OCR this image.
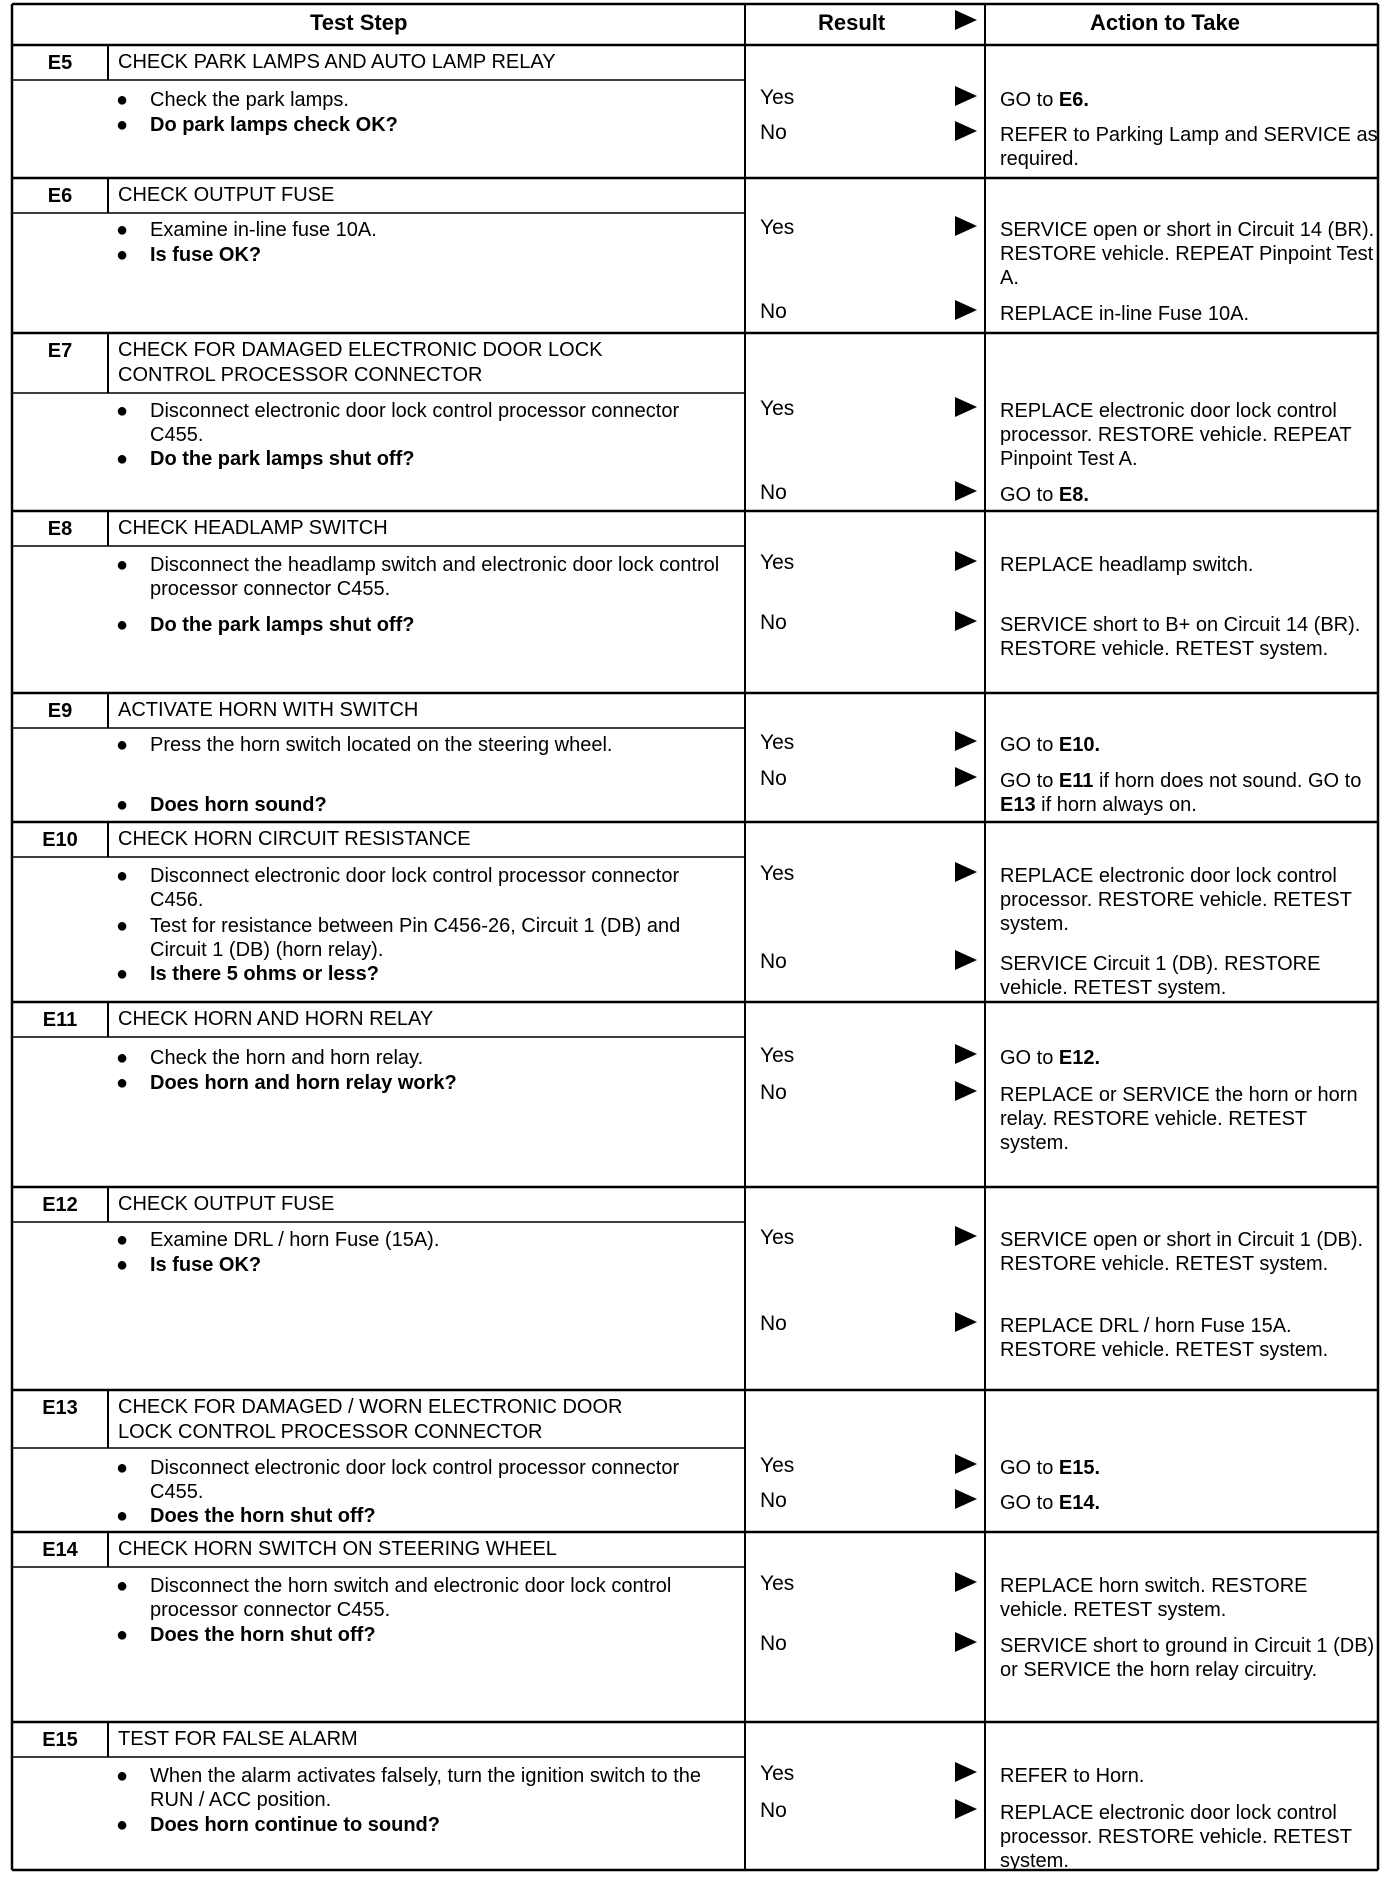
Test Step	Result	Action to Take
E5	CHECK PARK LAMPS AND AUTO LAMP RELAY
● Check the park lamps.
● Do park lamps check OK?
Yes	GO to E6.
No	REFER to Parking Lamp and SERVICE as required.
E6	CHECK OUTPUT FUSE
● Examine in-line fuse 10A.
● Is fuse OK?
Yes	SERVICE open or short in Circuit 14 (BR). RESTORE vehicle. REPEAT Pinpoint Test A.
No	REPLACE in-line Fuse 10A.
E7	CHECK FOR DAMAGED ELECTRONIC DOOR LOCK
CONTROL PROCESSOR CONNECTOR
● Disconnect electronic door lock control processor connector C455.
● Do the park lamps shut off?
Yes	REPLACE electronic door lock control processor. RESTORE vehicle. REPEAT Pinpoint Test A.
No	GO to E8.
E8	CHECK HEADLAMP SWITCH
● Disconnect the headlamp switch and electronic door lock control processor connector C455.
● Do the park lamps shut off?
Yes	REPLACE headlamp switch.
No	SERVICE short to B+ on Circuit 14 (BR). RESTORE vehicle. RETEST system.
E9	ACTIVATE HORN WITH SWITCH
● Press the horn switch located on the steering wheel.
● Does horn sound?
Yes	GO to E10.
No	GO to E11 if horn does not sound. GO to E13 if horn always on.
E10	CHECK HORN CIRCUIT RESISTANCE
● Disconnect electronic door lock control processor connector C456.
● Test for resistance between Pin C456-26, Circuit 1 (DB) and Circuit 1 (DB) (horn relay).
● Is there 5 ohms or less?
Yes	REPLACE electronic door lock control processor. RESTORE vehicle. RETEST system.
No	SERVICE Circuit 1 (DB). RESTORE vehicle. RETEST system.
E11	CHECK HORN AND HORN RELAY
● Check the horn and horn relay.
● Does horn and horn relay work?
Yes	GO to E12.
No	REPLACE or SERVICE the horn or horn relay. RESTORE vehicle. RETEST system.
E12	CHECK OUTPUT FUSE
● Examine DRL / horn Fuse (15A).
● Is fuse OK?
Yes	SERVICE open or short in Circuit 1 (DB). RESTORE vehicle. RETEST system.
No	REPLACE DRL / horn Fuse 15A. RESTORE vehicle. RETEST system.
E13	CHECK FOR DAMAGED / WORN ELECTRONIC DOOR
LOCK CONTROL PROCESSOR CONNECTOR
● Disconnect electronic door lock control processor connector C455.
● Does the horn shut off?
Yes	GO to E15.
No	GO to E14.
E14	CHECK HORN SWITCH ON STEERING WHEEL
● Disconnect the horn switch and electronic door lock control processor connector C455.
● Does the horn shut off?
Yes	REPLACE horn switch. RESTORE vehicle. RETEST system.
No	SERVICE short to ground in Circuit 1 (DB) or SERVICE the horn relay circuitry.
E15	TEST FOR FALSE ALARM
● When the alarm activates falsely, turn the ignition switch to the RUN / ACC position.
● Does horn continue to sound?
Yes	REFER to Horn.
No	REPLACE electronic door lock control processor. RESTORE vehicle. RETEST system.
